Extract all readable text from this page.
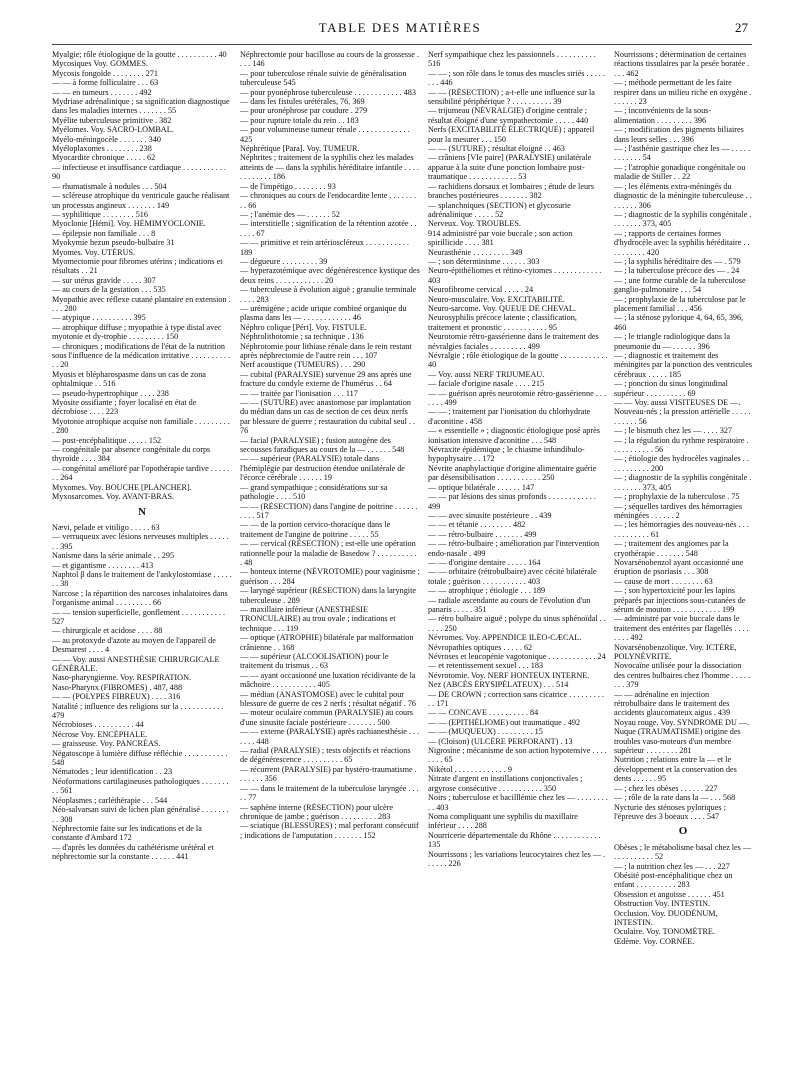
TABLE DES MATIÈRES	27
Myalgie; rôle étiologique de la goutte . . . . . . . . . . 40
Mycosiques Voy. GOMMES.
Mycosis fongoïde . . . . . . . . 271
— — à forme folliculaire . . . 63
— — en tumeurs . . . . . . . 492
Mydriase adrénalinique ; sa signification diagnostique dans les maladies internes . . . . . . . 55
Myélite tuberculeuse primitive . 382
Myélomes. Voy. SACRO-LOMBAL.
Myélo-méningocèle . . . . . . . 340
Myéloplaxomes . . . . . . . . 238
Myocardite chronique . . . . . 62
— infectieuse et insuffisance cardiaque . . . . . . . . . . . 90
— rhumatismale à nodules . . . 504
— scléreuse atrophique du ventricule gauche réalisant un processus angineux . . . . . . . 149
— syphilitique . . . . . . . . 516
Myoclonie [Hémi]. Voy. HÉMIMYOCLONIE.
— épilepsie non familiale . . . 8
Myokymie hezun pseudo-bulbaire 31
Myomes. Voy. UTÉRUS.
Myomectomie pour fibromes utérins ; indications et résultats . . 21
— sur utérus gravide . . . . . 307
— au cours de la gestation . . . 535
Myopathie avec réflexe cutané plantaire en extension . . . . 280
— atypique . . . . . . . . . . 395
— atrophique diffuse ; myopathie à type distal avec myotonie et dy-trophie . . . . . . . . . 150
— chroniques ; modifications de l'état de la nutrition sous l'influence de la médication irritative . . . . . . . . . . . . 20
Myosis et blépharospasme dans un cas de zona ophtalmique . . 516
— pseudo-hypertrophique . . . . 238
Myosite ossifiante ; foyer localisé en état de décrobiose . . . . 223
Myotonie atrophique acquise non familiale . . . . . . . . . . 280
— post-encéphalitique . . . . . 152
— congénitale par absence congénitale du corps thyroïde . . . . 384
— congénital amélioré par l'opothérapie tardive . . . . . . . 264
Myxomes. Voy. BOUCHE [PLANCHER].
Myxosarcomes. Voy. AVANT-BRAS.
N
Nævi, pelade et vitiligo . . . . . 63
— verruqueux avec lésions nerveuses multiples . . . . . . . 395
Nanisme dans la série animale . . 295
— et gigantisme . . . . . . . . 413
Naphtol β dans le traitement de l'ankylostomiase . . . . . . . 38
Narcose ; la répartition des narcoses inhalatoires dans l'organisme animal . . . . . . . . . 66
— — tension superficielle, gonflement . . . . . . . . . . . 527
— chirurgicale et acidose . . . . 88
— au protoxyde d'azote au moyen de l'appareil de Desmarest . . . . 4
— — Voy. aussi ANESTHÉSIE CHIRURGICALE GÉNÉRALE.
Naso-pharyngienne. Voy. RESPIRATION.
Naso-Pharynx (FIBROMES) . 487, 488
— — (POLYPES FIBREUX) . . . . 316
Natalité ; influence des religions sur la . . . . . . . . . . . 479
Nécrobioses . . . . . . . . . . 44
Nécrose Voy. ENCÉPHALE.
— graisseuse. Voy. PANCRÉAS.
Négatoscope à lumière diffuse réfléchie . . . . . . . . . . . 548
Nématodes ; leur identification . . 23
Néoformations cartilagineuses pathologiques . . . . . . . . . 561
Néoplasmes ; carléthérapie . . . 544
Néo-salvarsan suivi de lichen plan généralisé . . . . . . . . . 308
Néphrectomie faite sur les indications et de la constante d'Ambard 172
— d'après les données du cathétérisme urétéral et néphrectomie sur la constante . . . . . . 441
Néphrectomie pour bacillose au cours de la grossesse . . . . 146
— pour tuberculose rénale suivie de généralisation tuberculeuse 545
— pour pyonéphrose tuberculeuse . . . . . . . . . . . . 483
— dans les fistules urétérales, 76, 369
— pour uronéphrose par coudure . 279
— pour rupture totale du rein . . 183
— pour volumineuse tumeur rénale . . . . . . . . . . . . . 425
Néphrétique [Para]. Voy. TUMEUR.
Néphrites ; traitement de la syphilis chez les malades atteints de — dans la syphilis héréditaire infantile . . . . . . . . . . . . 186
— de l'impétigo . . . . . . . . 93
— chroniques au cours de l'endocardite lente . . . . . . . . . 66
— ; l'anémie des — . . . . . . 52
— interstitielle ; signification de la rétention azotée . . . . . . 67
— — primitive et rein artérioscléreux . . . . . . . . . . . 189
— dégueure . . . . . . . . . 39
— hyperazotémique avec dégénérescence kystique des deux reins . . . . . . . . . . . . 20
— tuberculeuse à évolution aiguë ; granulie terminale . . . . 283
— urémigène ; acide urique combiné organique du plasma dans les — . . . . . . . . . . . . 46
Néphro colique [Péri]. Voy. FISTULE.
Néphrolithotomie ; sa technique . 136
Néphrotomie pour lithiase rénale dans le rein restant après néphrectomie de l'autre rein . . . 107
Nerf acoustique (TUMEURS) . . . 290
— cubital (PARALYSIE) survenue 29 ans après une fracture du condyle externe de l'humérus . . 64
— — traitée par l'ionisation . . . 117
— — (SUTURE) avec anastomose par implantation du médian dans un cas de section de ces deux nerfs par blessure de guerre ; restauration du cubital seul . . 76
— facial (PARALYSIE) ; fusion autogène des secousses faradiques au cours de la — . . . . . . 548
— — supérieur (PARALYSIE) totale dans l'hémiplégie par destruction étendue unilatérale de l'écorce cérébrale . . . . . . 19
— grand sympathique ; considérations sur sa pathologie . . . . 510
— — (RÉSECTION) dans l'angine de poitrine . . . . . . . . . . 517
— — de la portion cervico-thoracique dans le traitement de l'angine de poitrine . . . . . 55
— — cervical (RÉSECTION) ; est-elle une opération rationnelle pour la maladie de Basedow ? . . . . . . . . . . . 48
— honteux interne (NÉVROTOMIE) pour vaginisme ; guérison . . . 284
— laryngé supérieur (RÉSECTION) dans la laryngite tuberculeuse . 289
— maxillaire inférieur (ANESTHÉSIE TRONCULAIRE) au trou ovale ; indications et technique . . . 119
— optique (ATROPHIE) bilatérale par malformation crânienne . . 168
— — supérieur (ALCOOLISATION) pour le traitement du trismus . . 63
— — ayant occasionné une luxation récidivante de la mâchoire . . . . . . . . . . . 405
— médian (ANASTOMOSE) avec le cubital pour blessure de guerre de ces 2 nerfs ; résultat négatif . 76
— moteur oculaire commun (PARALYSIE) au cours d'une sinusite faciale postérieure . . . . . . . 500
— — externe (PARALYSIE) après rachianesthésie . . . . . . . 448
— radial (PARALYSIE) ; tests objectifs et réactions de dégénérescence . . . . . . . . . . 65
— récurrent (PARALYSIE) par hystéro-traumatisme . . . . . . . 356
— — dans le traitement de la tuberculose laryngée . . . . . 77
— saphène interne (RÉSECTION) pour ulcère chronique de jambe ; guérison . . . . . . . . . 283
— sciatique (BLESSURES) ; mal perforant consécutif ; indications de l'amputation . . . . . . . 152
Nerf sympathique chez les passionnels . . . . . . . . . . 516
— — ; son rôle dans le tonus des muscles striés . . . . . . . . 446
— — (RÉSECTION) ; a-t-elle une influence sur la sensibilité périphérique ? . . . . . . . . . . 39
— trijumeau (NÉVRALGIE) d'origine centrale ; résultat éloigné d'une sympathectomie . . . . . 440
Nerfs (EXCITABILITÉ ÉLECTRIQUE) ; appareil pour la mesurer . . . 150
— — (SUTURE) ; résultat éloigné . . 463
— crâniens [VIe paire] (PARALYSIE) unilatérale apparue à la suite d'une ponction lombaire post-traumatique . . . . . . . . . . . . 53
— rachidiens dorsaux et lombaires ; étude de leurs branches postérieures . . . . . . . 382
— splanchniques (SECTION) et glycosurie adrénalinique . . . . . 52
Nerveux. Voy. TROUBLES.
914 administré par voie buccale ; son action spirillicide . . . . 381
Neurasthénie . . . . . . . . . 349
— ; son déterminisme . . . . . . 303
Neuro-épithéliomes et rétino-cytomes . . . . . . . . . . . . 403
Neurofibrome cervical . . . . . 24
Neuro-musculaire. Voy. EXCITABILITÉ.
Neuro-sarcome. Voy. QUEUE DE CHEVAL.
Neurosyphilis précoce latente ; classification, traitement et pronostic . . . . . . . . . . . 95
Neurotomie rétro-gassérienne dans le traitement des névralgies faciales . . . . . . . . . 499
Névralgie ; rôle étiologique de la goutte . . . . . . . . . . . . 40
— Voy. aussi NERF TRIJUMEAU.
— faciale d'origine nasale . . . . 215
— — guérison après neurotomie rétro-gassérienne . . . . . . . 499
— — ; traitement par l'ionisation du chlorhydrate d'aconitine . 458
— « essentielle » ; diagnostic étiologique posé après ionisation intensive d'aconitine . . . 548
Névraxite épidémique ; le chiasme infundibulo-hypophysaire . . 172
Névrite anaphylactique d'origine alimentaire guérie par désensibilisation . . . . . . . . . . . 250
— optique bilatérale . . . . . . 147
— — par lésions des sinus profonds . . . . . . . . . . . . 499
— — avec sinusite postérieure . . 439
— — et tétanie . . . . . . . . 482
— — rétro-bulbaire . . . . . . . 499
— — rétro-bulbaire ; amélioration par l'intervention endo-nasale . 499
— — d'origine dentaire . . . . . 164
— — orbitaire (rétrobulbaire) avec cécité bilatérale totale ; guérison . . . . . . . . . . . 403
— — atrophique ; étiologie . . . 189
— radiale ascendante au cours de l'évolution d'un panaris . . . . . 351
— rétro bulbaire aiguë ; polype du sinus sphénoïdal . . . . . . 250
Névromes. Voy. APPENDICE ILÉO-CÆCAL.
Névropathies optiques . . . . . 62
Névroses et leucopénie vagotonique . . . . . . . . . . . . 24
— et retentissement sexuel . . . 183
Névrotomie. Voy. NERF HONTEUX INTERNE.
Nez (ABCÈS ÉRYSIPÉLATEUX) . . . 514
— DE CROWN ; correction sans cicatrice . . . . . . . . . . . 171
— — CONCAVE . . . . . . . . . . 84
— — (EPITHÉLIOME) out traumatique . 492
— — (MUQUEUX) . . . . . . . . . 15
— (Cloison) (ULCÈRE PERFORANT) . 13
Nigrosine ; mécanisme de son action hypotensive . . . . . . . . 65
Nikétol . . . . . . . . . . . . . 9
Nitrate d'argent en instillations conjonctivales ; argyrose consécutive . . . . . . . . . . . 350
Noirs ; tuberculose et bacilllémie chez les — . . . . . . . . . . 403
Noma compliquant une syphilis du maxillaire inférieur . . . . 288
Nourricerie départementale du Rhône . . . . . . . . . . . . 135
Nourrissons ; les variations leucocytaires chez les — . . . . . . 226
Nourrissons ; détermination de certaines réactions tissulaires par la pesée boratée . . . . 462
— ; méthode permettant de les faire respirer dans un milieu riche en oxygène . . . . . . . 23
— ; inconvénients de la sous-alimentation . . . . . . . . . 396
— ; modification des pigments biliaires dans leurs selles . . . 396
— ; l'asthénie gastrique chez les — . . . . . . . . . . . . 54
— ; l'atrophie gonadique congénitale ou maladie de Stiller . . 22
— ; les éléments extra-méningés du diagnostic de la méningite tuberculeuse . . . . . . . . 306
— ; diagnostic de la syphilis congénitale . . . . . . . . 373, 405
— ; rapports de certaines formes d'hydrocèle avec la syphilis héréditaire . . . . . . . . . . 420
— ; la syphilis héréditaire des — . 579
— ; la tuberculose précoce des — . 24
— ; une forme curable de la tuberculose ganglio-pulmonaire . . . 54
— ; prophylaxie de la tuberculose par le placement familial . . . 456
— ; la sténose pylorique 4, 64, 65, 396, 460
— ; le triangle radiologique dans la pneumonie du — . . . . . . 396
— ; diagnostic et traitement des méningites par la ponction des ventricules cérébraux . . . . . 185
— ; ponction du sinus longitudinal supérieur . . . . . . . . . . 69
— — Voy. aussi VISITEUSES DE —.
Nouveau-nés ; la pression artérielle . . . . . . . . . . . 56
— ; le bismuth chez les — . . . . 327
— ; la régulation du rythme respiratoire . . . . . . . . . . . 56
— ; étiologie des hydrocèles vaginales . . . . . . . . . . . 200
— ; diagnostic de la syphilis congénitale . . . . . . . . 373, 405
— ; prophylaxie de la tuberculose . 75
— ; séquelles tardives des hémorragies méningées . . . . . . 2
— ; les hémorragies des nouveau-nés . . . . . . . . . . . . 61
— ; traitement des angiomes par la cryothérapie . . . . . . . 548
Novarsénobenzol ayant occasionné une éruption de psoriasis . . . 308
— cause de mort . . . . . . . . 63
— ; son hypertoxicité pour les lapins préparés par injections sous-cutanées de sérum de mouton . . . . . . . . . . . . 199
— administré par voie buccale dans le traitement des entérites par flagellés . . . . . . . . 492
Novarsénobenzolique. Voy. ICTÈRE, POLYNÉVRITE.
Novocaïne utilisée pour la dissociation des centres bulbaires chez l'homme . . . . . . . . 379
— — adrénaline en injection rétrobulbaire dans le traitement des accidents glaucomateux aigus . 439
Noyau rouge. Voy. SYNDROME DU —.
Nuque (TRAUMATISME) origine des troubles vaso-moteurs d'un membre supérieur . . . . . . . . 281
Nutrition ; relations entre la — et le développement et la conservation des dents . . . . . . 95
— ; chez les obèses . . . . . . 227
— ; rôle de la rate dans la — . . . 568
Nycturie des sténoses pyloriques ; l'épreuve des 3 boeaux . . . . 547
O
Obèses ; le métabolisme basal chez les — . . . . . . . . . . 52
— ; la nutrition chez les — . . . 227
Obésité post-encéphalitique chez un enfant . . . . . . . . . . 283
Obsession et angoisse . . . . . . 451
Obstruction Voy. INTESTIN.
Occlusion. Voy. DUODÉNUM, INTESTIN.
Oculaire. Voy. TONOMÈTRE.
Œdème. Voy. CORNÉE.
